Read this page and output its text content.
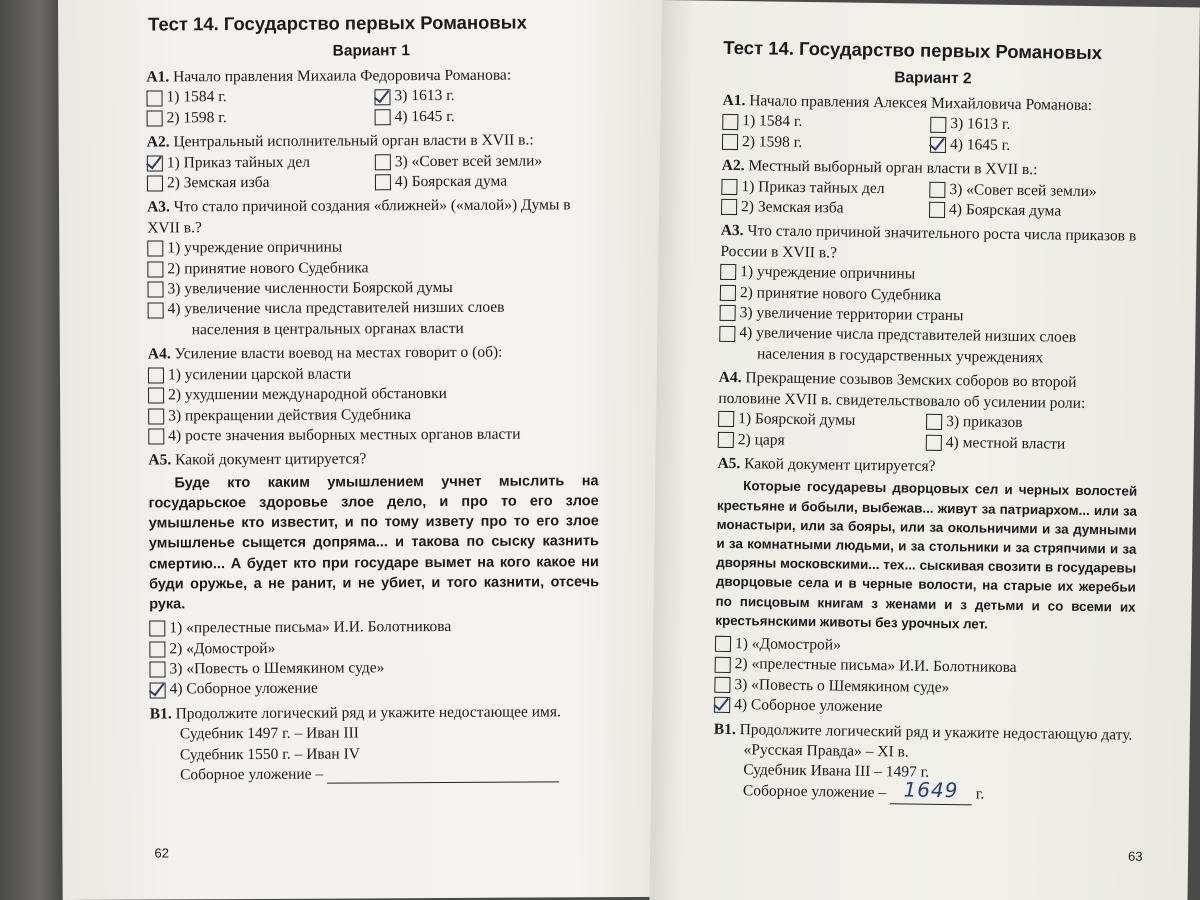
Тест 14. Государство первых Романовых
Вариант 1
А1. Начало правления Михаила Федоровича Романова:
1) 1584 г.	3) 1613 г.
2) 1598 г.	4) 1645 г.
А2. Центральный исполнительный орган власти в XVII в.:
1) Приказ тайных дел	3) «Совет всей земли»
2) Земская изба	4) Боярская дума
А3. Что стало причиной создания «ближней» («малой») Думы в XVII в.?
1) учреждение опричнины
2) принятие нового Судебника
3) увеличение численности Боярской думы
4) увеличение числа представителей низших слоев
населения в центральных органах власти
А4. Усиление власти воевод на местах говорит о (об):
1) усилении царской власти
2) ухудшении международной обстановки
3) прекращении действия Судебника
4) росте значения выборных местных органов власти
А5. Какой документ цитируется?
Буде кто каким умышлением учнет мыслить на государьское здоровье злое дело, и про то его злое умышленье кто известит, и по тому извету про то его злое умышленье сыщется допряма... и такова по сыску казнить смертию... А будет кто при государе вымет на кого какое ни буди оружье, а не ранит, и не убиет, и того казнити, отсечь рука.
1) «прелестные письма» И.И. Болотникова
2) «Домострой»
3) «Повесть о Шемякином суде»
4) Соборное уложение
В1. Продолжите логический ряд и укажите недостающее имя.
Судебник 1497 г. – Иван III
Судебник 1550 г. – Иван IV
Соборное уложение –

62
Тест 14. Государство первых Романовых
Вариант 2
А1. Начало правления Алексея Михайловича Романова:
1) 1584 г.	3) 1613 г.
2) 1598 г.	4) 1645 г.
А2. Местный выборный орган власти в XVII в.:
1) Приказ тайных дел	3) «Совет всей земли»
2) Земская изба	4) Боярская дума
А3. Что стало причиной значительного роста числа приказов в России в XVII в.?
1) учреждение опричнины
2) принятие нового Судебника
3) увеличение территории страны
4) увеличение числа представителей низших слоев
населения в государственных учреждениях
А4. Прекращение созывов Земских соборов во второй половине XVII в. свидетельствовало об усилении роли:
1) Боярской думы	3) приказов
2) царя	4) местной власти
А5. Какой документ цитируется?
Которые государевы дворцовых сел и черных волостей крестьяне и бобыли, выбежав... живут за патриархом... или за монастыри, или за бояры, или за окольничими и за думными и за комнатными людьми, и за стольники и за стряпчими и за дворяны московскими... тех... сыскивая свозити в государевы дворцовые села и в черные волости, на старые их жеребьи по писцовым книгам з женами и з детьми и со всеми их крестьянскими животы без урочных лет.
1) «Домострой»
2) «прелестные письма» И.И. Болотникова
3) «Повесть о Шемякином суде»
4) Соборное уложение
В1. Продолжите логический ряд и укажите недостающую дату.
«Русская Правда» – XI в.
Судебник Ивана III – 1497 г.
Соборное уложение –
1649
	г.
63
